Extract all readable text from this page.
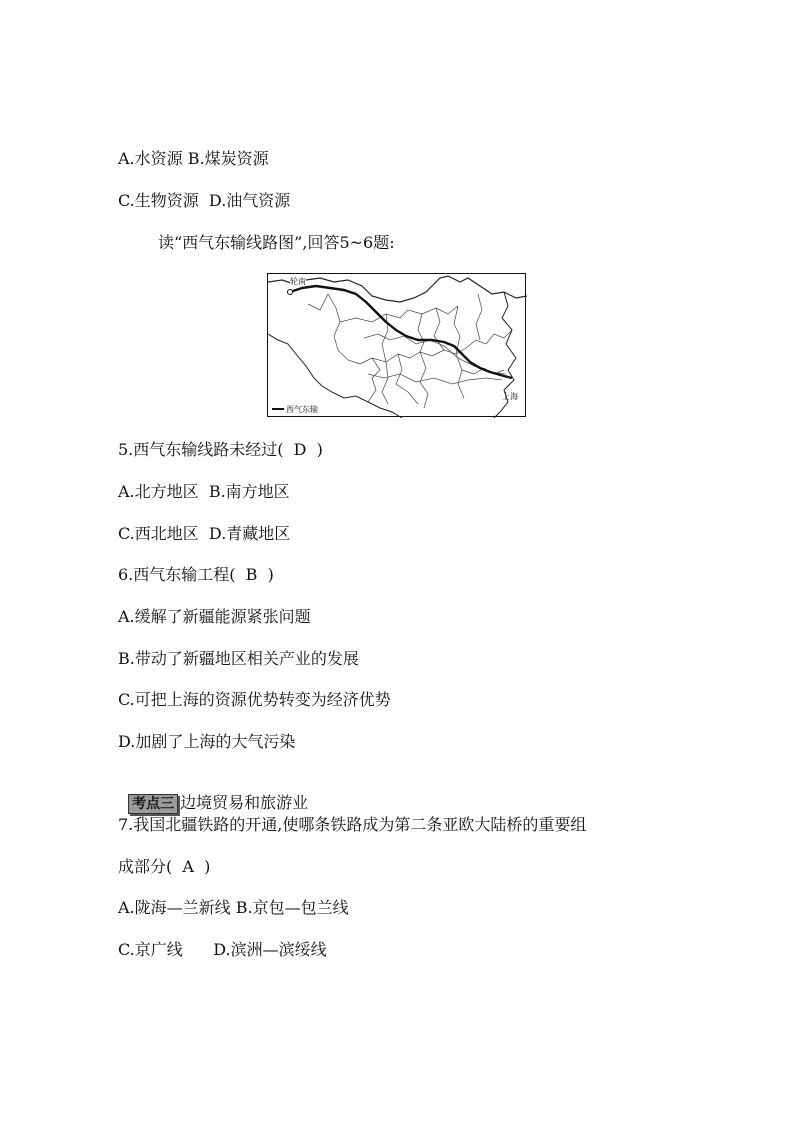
A.水资源 B.煤炭资源
C.生物资源  D.油气资源
读“西气东输线路图”,回答5~6题:
轮南
上海
西气东输
5.西气东输线路未经过(  D  )
A.北方地区  B.南方地区
C.西北地区  D.青藏地区
6.西气东输工程(  B  )
A.缓解了新疆能源紧张问题
B.带动了新疆地区相关产业的发展
C.可把上海的资源优势转变为经济优势
D.加剧了上海的大气污染

考点三 边境贸易和旅游业

7.我国北疆铁路的开通,使哪条铁路成为第二条亚欧大陆桥的重要组
成部分(  A  )
A.陇海—兰新线 B.京包—包兰线
C.京广线      D.滨洲—滨绥线
